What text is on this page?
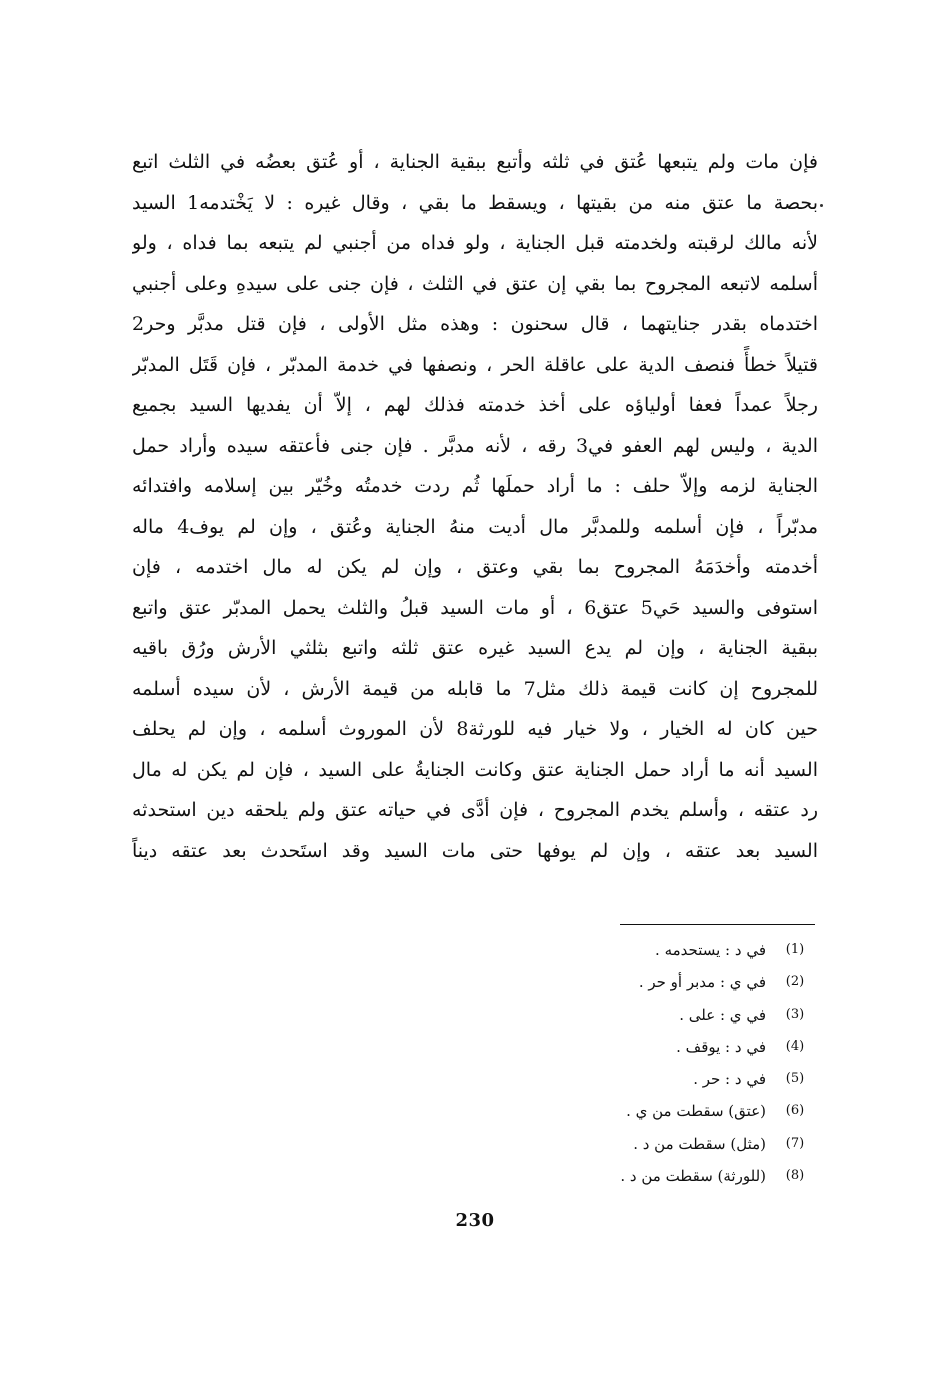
فإن مات ولم يتبعها عُتق في ثلثه وأتبع ببقية الجناية ، أو عُتق بعضُه في الثلث اتبع
بحصة ما عتق منه من بقيتها ، ويسقط ما بقي ، وقال غيره : لا يَخْتدمه1 السيد
لأنه مالك لرقبته ولخدمته قبل الجناية ، ولو فداه من أجنبي لم يتبعه بما فداه ، ولو
أسلمه لاتبعه المجروح بما بقي إن عتق في الثلث ، فإن جنى على سيدهِ وعلى أجنبي
اختدماه بقدر جنايتهما ، قال سحنون : وهذه مثل الأولى ، فإن قتل مدبَّر وحر2
قتيلاً خطأً فنصف الدية على عاقلة الحر ، ونصفها في خدمة المدبّر ، فإن قَتَل المدبّر
رجلاً عمداً فعفا أولياؤه على أخذ خدمته فذلك لهم ، إلاّ أن يفديها السيد بجميع
الدية ، وليس لهم العفو في3 رقه ، لأنه مدبَّر . فإن جنى فأعتقه سيده وأراد حمل
الجناية لزمه وإلاّ حلف : ما أراد حملَها ثُم ردت خدمتُه وخُيّر بين إسلامه وافتدائه
مدبّراً ، فإن أسلمه وللمدبَّر مال أديت منهُ الجناية وعُتق ، وإن لم يوف4 ماله
أخدمته وأخدَمَهُ المجروح بما بقي وعتق ، وإن لم يكن له مال اختدمه ، فإن
استوفى والسيد حَي5 عتق6 ، أو مات السيد قبلُ والثلث يحمل المدبّر عتق واتبع
ببقية الجناية ، وإن لم يدع السيد غيره عتق ثلثه واتبع بثلثي الأرش ورُق باقيه
للمجروح إن كانت قيمة ذلك مثل7 ما قابله من قيمة الأرش ، لأن سيده أسلمه
حين كان له الخيار ، ولا خيار فيه للورثة8 لأن الموروث أسلمه ، وإن لم يحلف
السيد أنه ما أراد حمل الجناية عتق وكانت الجنايةُ على السيد ، فإن لم يكن له مال
رد عتقه ، وأسلم يخدم المجروح ، فإن أدَّى في حياته عتق ولم يلحقه دين استحدثه
السيد بعد عتقه ، وإن لم يوفها حتى مات السيد وقد استَحدث بعد عتقه ديناً
(1)
في د : يستحدمه .
(2)
في ي : مدبر أو حر .
(3)
في ي : على .
(4)
في د : يوقف .
(5)
في د : حر .
(6)
(عتق) سقطت من ي .
(7)
(مثل) سقطت من د .
(8)
(للورثة) سقطت من د .
230
